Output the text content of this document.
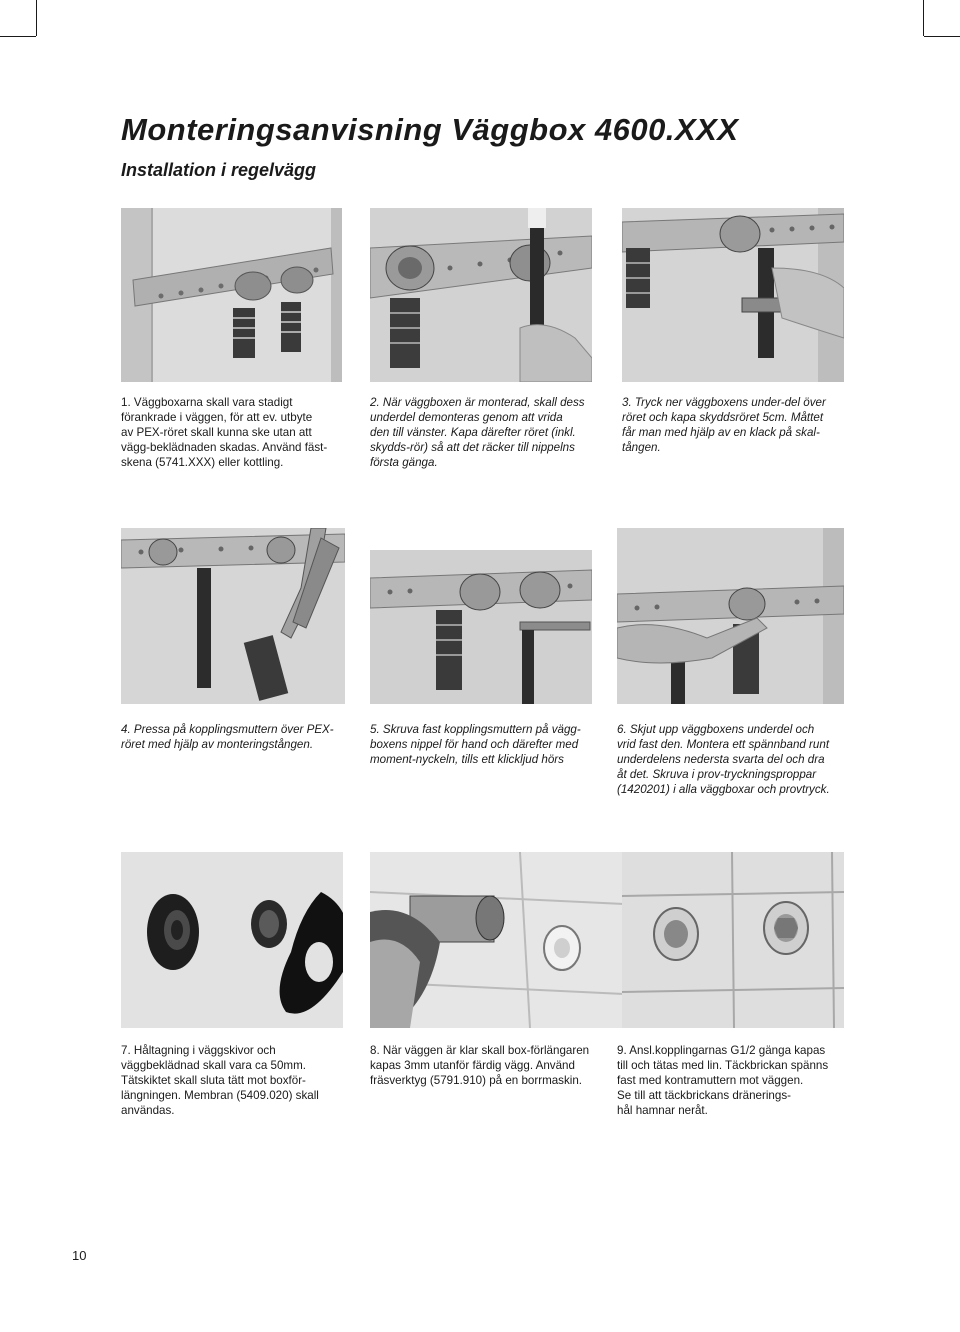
Monteringsanvisning Väggbox 4600.XXX
Installation i regelvägg
1. Väggboxarna skall vara stadigt
förankrade i väggen, för att ev. utbyte
av PEX-röret skall kunna ske utan att
vägg-beklädnaden skadas. Använd fäst-
skena (5741.XXX) eller kottling.
2. När väggboxen är monterad, skall dess
underdel demonteras genom att vrida
den till vänster. Kapa därefter röret (inkl.
skydds-rör) så att det räcker till nippelns
första gänga.
3. Tryck ner väggboxens under-del över
röret och kapa skyddsröret 5cm. Måttet
får man med hjälp av en klack på skal-
tången.
4. Pressa på kopplingsmuttern över PEX-
röret med hjälp av monteringstången.
5. Skruva fast kopplingsmuttern på vägg-
boxens nippel för hand och därefter med
moment-nyckeln, tills ett klickljud hörs
6. Skjut upp väggboxens underdel och
vrid fast den. Montera ett spännband runt
underdelens nedersta svarta del och dra
åt det. Skruva i prov-tryckningsproppar
(1420201) i alla väggboxar och provtryck.
7. Håltagning i väggskivor och
väggbeklädnad skall vara ca 50mm.
Tätskiktet skall sluta tätt mot boxför-
längningen. Membran (5409.020) skall
användas.
8. När väggen är klar skall box-förlängaren
kapas 3mm utanför färdig vägg. Använd
fräsverktyg (5791.910) på en borrmaskin.
9. Ansl.kopplingarnas G1/2 gänga kapas
till och tätas med lin. Täckbrickan spänns
fast med kontramuttern mot väggen.
Se till att täckbrickans dränerings-
hål hamnar neråt.
10
